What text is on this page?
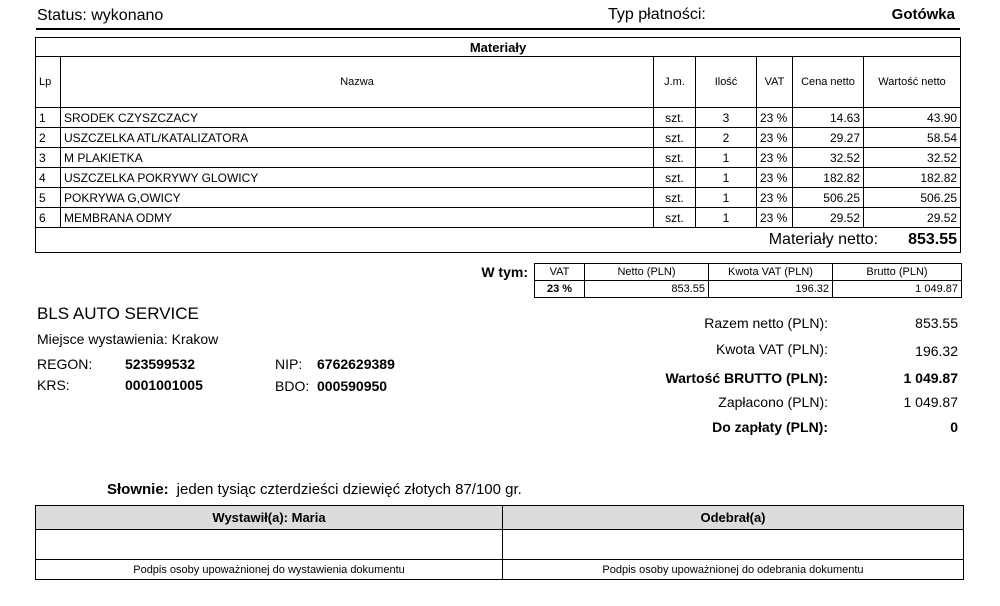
Status: wykonano	Typ płatności:	Gotówka
Materiały						
Lp	Nazwa	J.m.	Ilość	VAT	Cena netto	Wartość netto
1	SRODEK CZYSZCZACY	szt.	3	23 %	14.63	43.90
2	USZCZELKA ATL/KATALIZATORA	szt.	2	23 %	29.27	58.54
3	M PLAKIETKA	szt.	1	23 %	32.52	32.52
4	USZCZELKA POKRYWY GLOWICY	szt.	1	23 %	182.82	182.82
5	POKRYWA G,OWICY	szt.	1	23 %	506.25	506.25
6	MEMBRANA ODMY	szt.	1	23 %	29.52	29.52

Materiały netto: 853.55						
W tym: VAT	Netto (PLN)	Kwota VAT (PLN)	Brutto (PLN)
23 %	853.55	196.32	1 049.87
BLS AUTO SERVICE
Miejsce wystawienia: Krakow
REGON: 523599532
KRS:	0001001005
NIP: 6762629389
BDO: 000590950
Razem netto (PLN):	853.55
Kwota VAT (PLN):	196.32
Wartość BRUTTO (PLN):	1 049.87
Zapłacono (PLN):	1 049.87
Do zapłaty (PLN):	0
Słownie: jeden tysiąc czterdzieści dziewięć złotych 87/100 gr.
Wystawił(a): Maria	Odebrał(a)

Podpis osoby upoważnionej do wystawienia dokumentu	Podpis osoby upoważnionej do odebrania dokumentu
